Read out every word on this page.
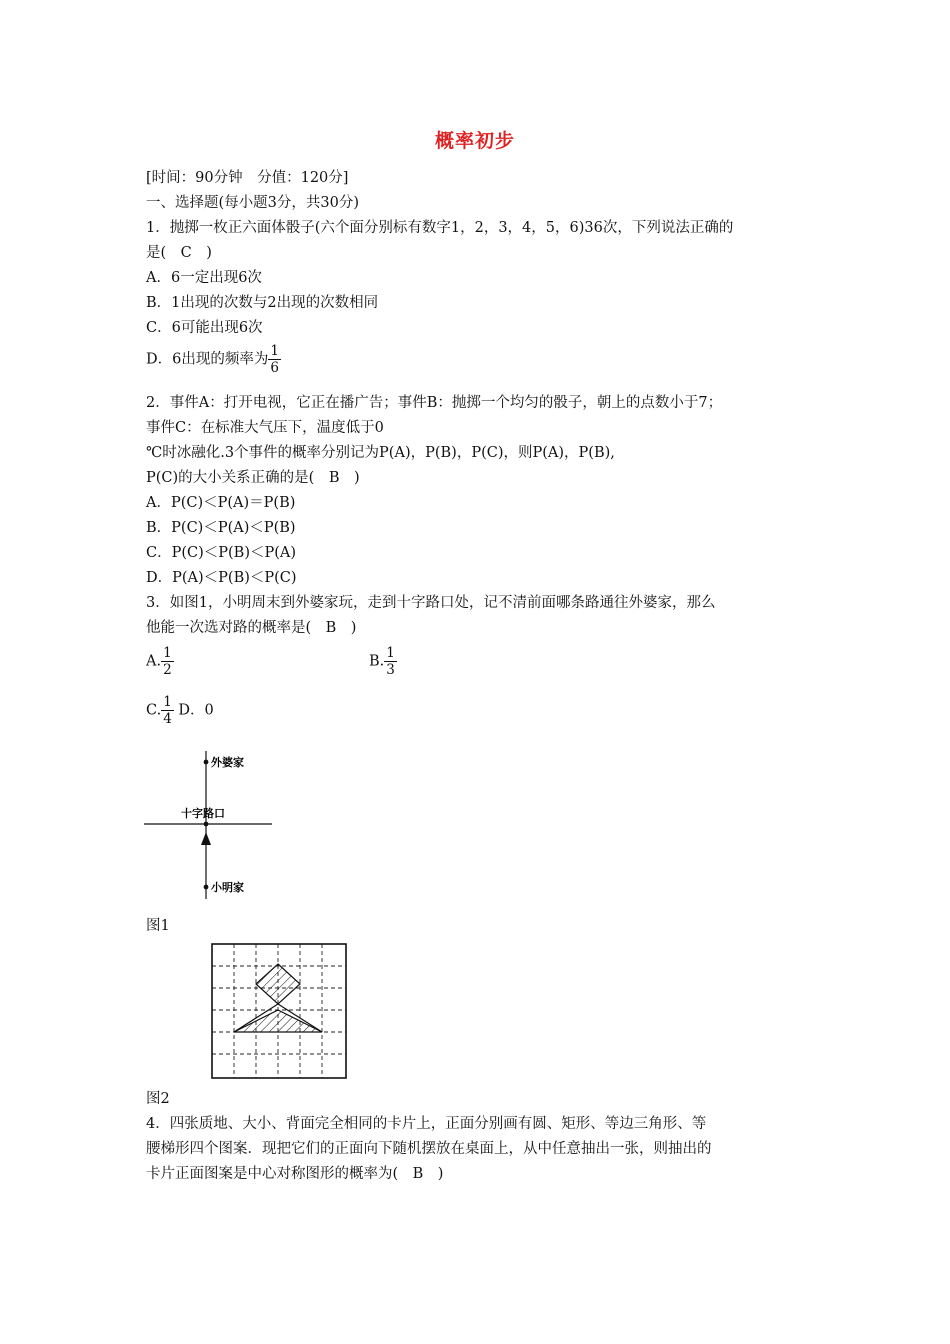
概率初步
[时间：90分钟　分值：120分]
一、选择题(每小题3分，共30分)
1．抛掷一枚正六面体骰子(六个面分别标有数字1，2，3，4，5，6)36次，下列说法正确的
是(　C　)
A．6一定出现6次
B．1出现的次数与2出现的次数相同
C．6可能出现6次
D．6出现的频率为 $\frac{1}{6}$
2．事件A：打开电视，它正在播广告；事件B：抛掷一个均匀的骰子，朝上的点数小于7；
事件C：在标准大气压下，温度低于0
℃时冰融化.3个事件的概率分别记为P(A)，P(B)，P(C)，则P(A)，P(B),
P(C)的大小关系正确的是(　B　)
A．P(C)＜P(A)＝P(B)
B．P(C)＜P(A)＜P(B)
C．P(C)＜P(B)＜P(A)
D．P(A)＜P(B)＜P(C)
3．如图1，小明周末到外婆家玩，走到十字路口处，记不清前面哪条路通往外婆家，那么
他能一次选对路的概率是(　B　)
A. $\frac{1}{2}$	B. $\frac{1}{3}$
C. $\frac{1}{4}$ D．0
外婆家
十字路口
小明家
图1
图2
4．四张质地、大小、背面完全相同的卡片上，正面分别画有圆、矩形、等边三角形、等
腰梯形四个图案．现把它们的正面向下随机摆放在桌面上，从中任意抽出一张，则抽出的
卡片正面图案是中心对称图形的概率为(　B　)
